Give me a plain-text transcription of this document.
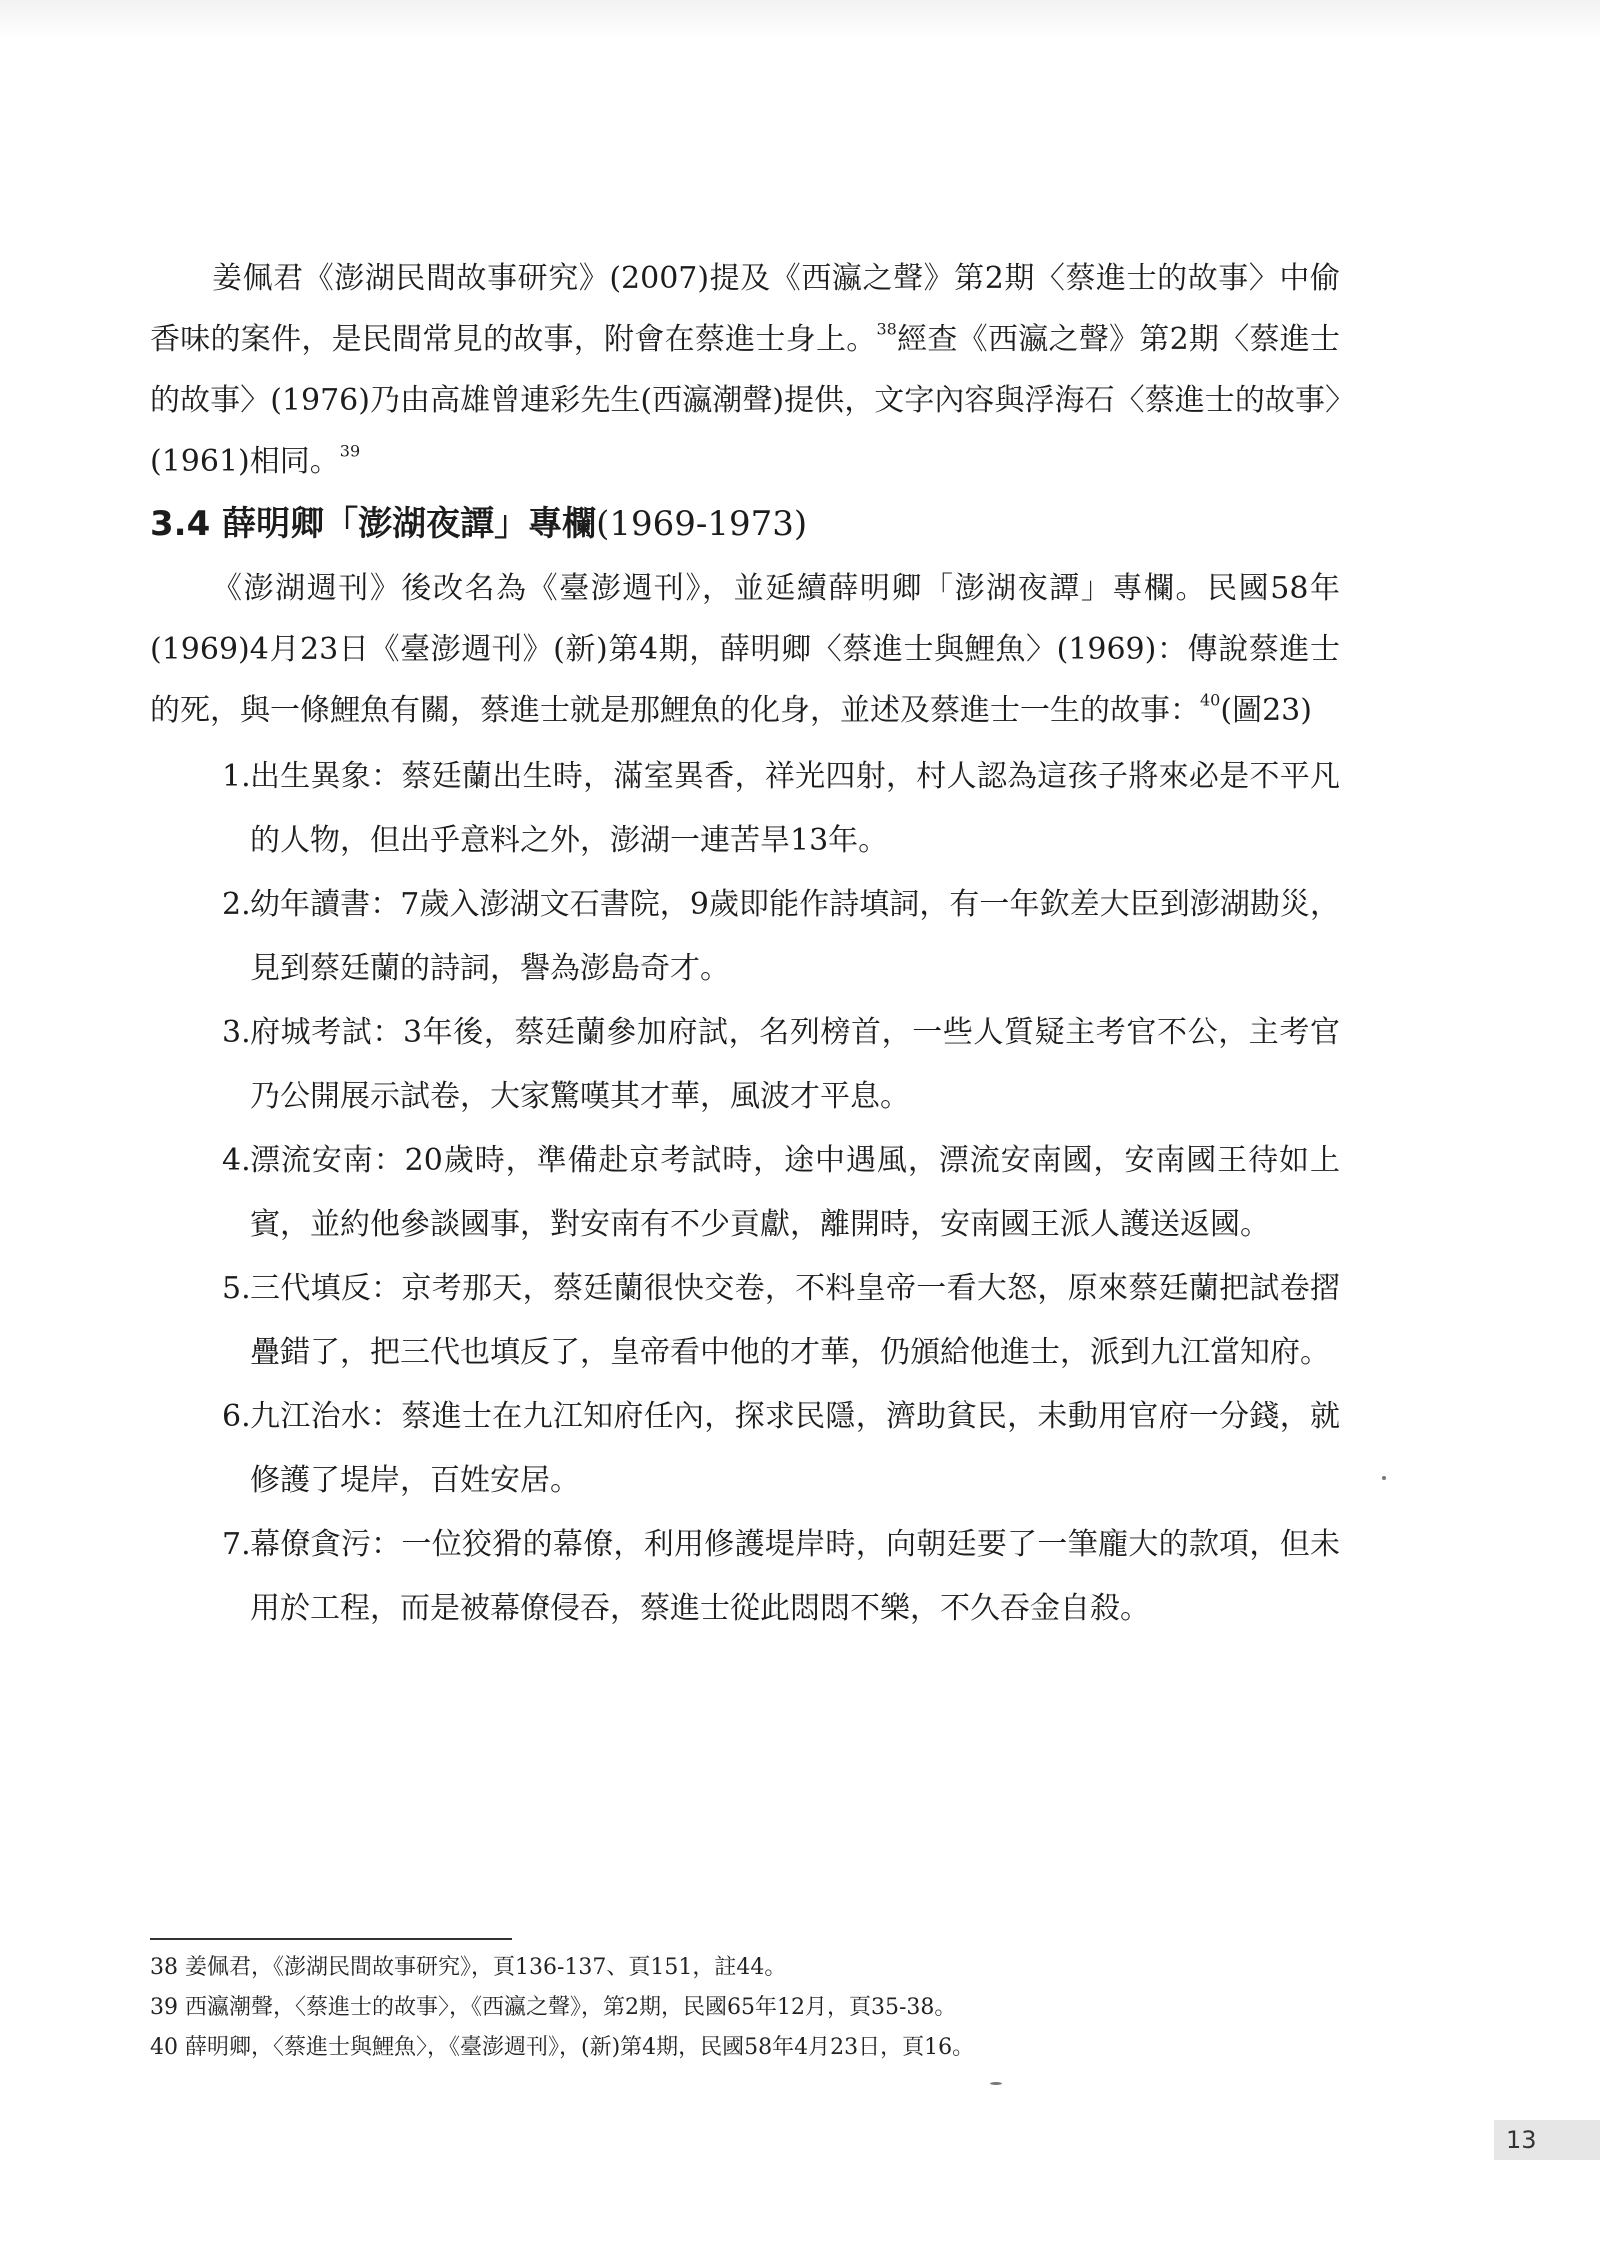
姜佩君《澎湖民間故事研究》(2007)提及《西瀛之聲》第2期〈蔡進士的故事〉中偷香味的案件，是民間常見的故事，附會在蔡進士身上。$^{38}$經查《西瀛之聲》第2期〈蔡進士的故事〉(1976)乃由高雄曾連彩先生(西瀛潮聲)提供，文字內容與浮海石〈蔡進士的故事〉(1961)相同。$^{39}$

3.4 薛明卿「澎湖夜譚」專欄(1969-1973)

《澎湖週刊》後改名為《臺澎週刊》，並延續薛明卿「澎湖夜譚」專欄。民國58年(1969)4月23日《臺澎週刊》(新)第4期，薛明卿〈蔡進士與鯉魚〉(1969)：傳說蔡進士的死，與一條鯉魚有關，蔡進士就是那鯉魚的化身，並述及蔡進士一生的故事：$^{40}$(圖23)

1. 出生異象：蔡廷蘭出生時，滿室異香，祥光四射，村人認為這孩子將來必是不平凡的人物，但出乎意料之外，澎湖一連苦旱13年。
2. 幼年讀書：7歲入澎湖文石書院，9歲即能作詩填詞，有一年欽差大臣到澎湖勘災，見到蔡廷蘭的詩詞，譽為澎島奇才。
3. 府城考試：3年後，蔡廷蘭參加府試，名列榜首，一些人質疑主考官不公，主考官乃公開展示試卷，大家驚嘆其才華，風波才平息。
4. 漂流安南：20歲時，準備赴京考試時，途中遇風，漂流安南國，安南國王待如上賓，並約他參談國事，對安南有不少貢獻，離開時，安南國王派人護送返國。
5. 三代填反：京考那天，蔡廷蘭很快交卷，不料皇帝一看大怒，原來蔡廷蘭把試卷摺疊錯了，把三代也填反了，皇帝看中他的才華，仍頒給他進士，派到九江當知府。
6. 九江治水：蔡進士在九江知府任內，探求民隱，濟助貧民，未動用官府一分錢，就修護了堤岸，百姓安居。
7. 幕僚貪污：一位狡猾的幕僚，利用修護堤岸時，向朝廷要了一筆龐大的款項，但未用於工程，而是被幕僚侵吞，蔡進士從此悶悶不樂，不久吞金自殺。

38 姜佩君，《澎湖民間故事研究》，頁136-137、頁151，註44。

39 西瀛潮聲，〈蔡進士的故事〉，《西瀛之聲》，第2期，民國65年12月，頁35-38。

40 薛明卿，〈蔡進士與鯉魚〉，《臺澎週刊》，(新)第4期，民國58年4月23日，頁16。

13
